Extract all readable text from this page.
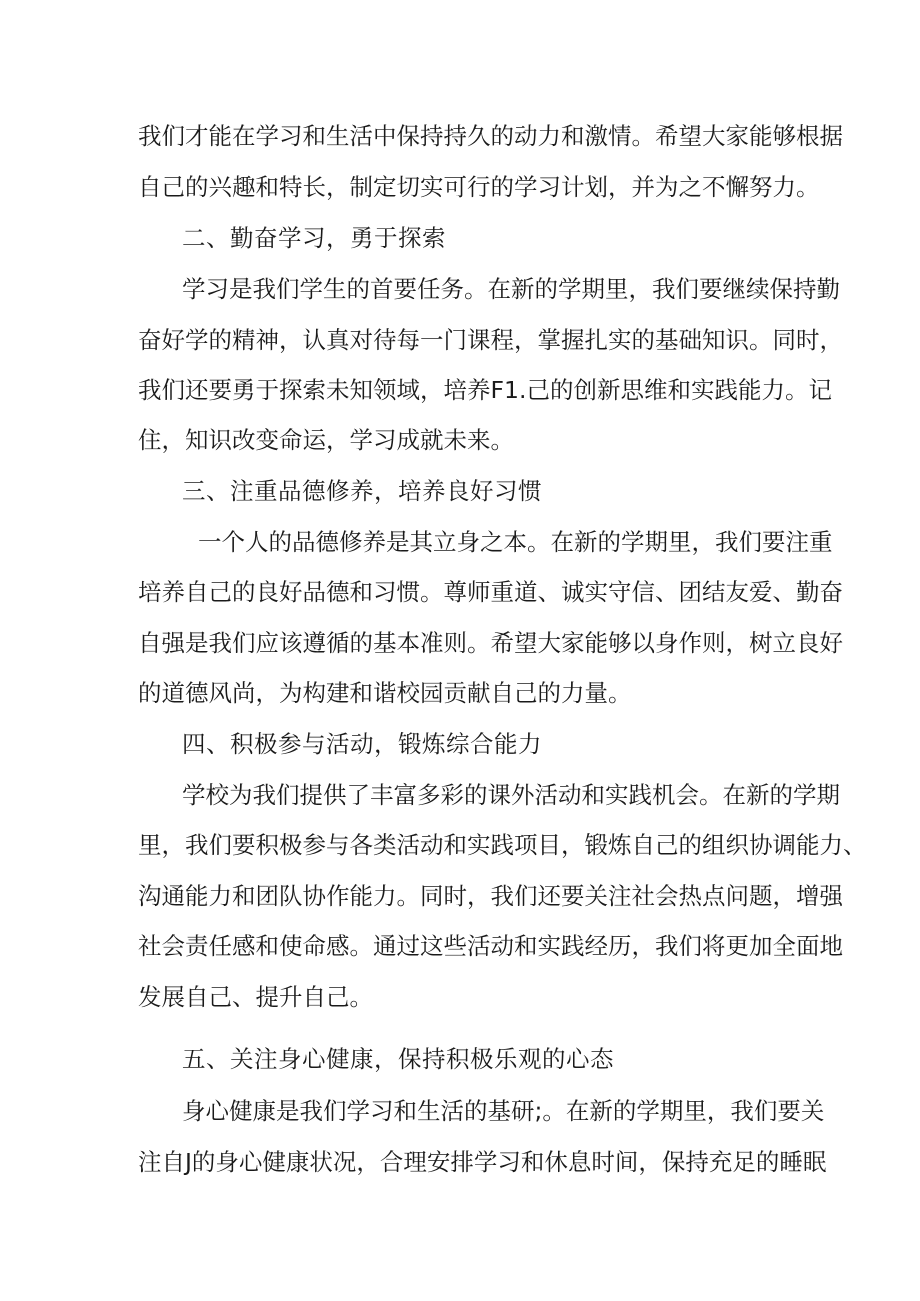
我们才能在学习和生活中保持持久的动力和激情。希望大家能够根据
自己的兴趣和特长，制定切实可行的学习计划，并为之不懈努力。
二、勤奋学习，勇于探索
学习是我们学生的首要任务。在新的学期里，我们要继续保持勤
奋好学的精神，认真对待每一门课程，掌握扎实的基础知识。同时，
我们还要勇于探索未知领域，培养F1.己的创新思维和实践能力。记
住，知识改变命运，学习成就未来。
三、注重品德修养，培养良好习惯
一个人的品德修养是其立身之本。在新的学期里，我们要注重
培养自己的良好品德和习惯。尊师重道、诚实守信、团结友爱、勤奋
自强是我们应该遵循的基本准则。希望大家能够以身作则，树立良好
的道德风尚，为构建和谐校园贡献自己的力量。
四、积极参与活动，锻炼综合能力
学校为我们提供了丰富多彩的课外活动和实践机会。在新的学期
里，我们要积极参与各类活动和实践项目，锻炼自己的组织协调能力、
沟通能力和团队协作能力。同时，我们还要关注社会热点问题，增强
社会责任感和使命感。通过这些活动和实践经历，我们将更加全面地
发展自己、提升自己。
五、关注身心健康，保持积极乐观的心态
身心健康是我们学习和生活的基研;。在新的学期里，我们要关
注自J的身心健康状况，合理安排学习和休息时间，保持充足的睡眠
